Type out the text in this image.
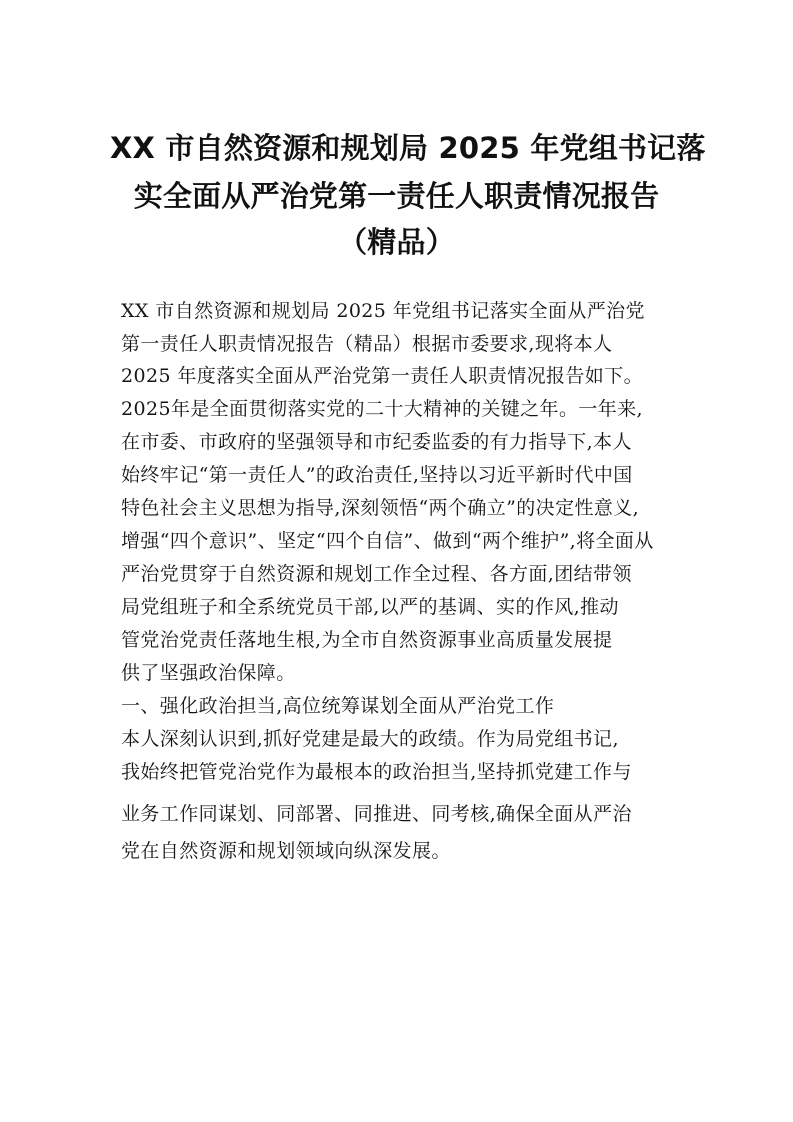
XX 市自然资源和规划局 2025 年党组书记落
实全面从严治党第一责任人职责情况报告
（精品）

XX 市自然资源和规划局 2025 年党组书记落实全面从严治党

第一责任人职责情况报告（精品）根据市委要求,现将本人

2025 年度落实全面从严治党第一责任人职责情况报告如下。

2025年是全面贯彻落实党的二十大精神的关键之年。一年来,

在市委、市政府的坚强领导和市纪委监委的有力指导下,本人

始终牢记“第一责任人”的政治责任,坚持以习近平新时代中国

特色社会主义思想为指导,深刻领悟“两个确立”的决定性意义,

增强“四个意识”、坚定“四个自信”、做到“两个维护”,将全面从

严治党贯穿于自然资源和规划工作全过程、各方面,团结带领

局党组班子和全系统党员干部,以严的基调、实的作风,推动

管党治党责任落地生根,为全市自然资源事业高质量发展提

供了坚强政治保障。

一、强化政治担当,高位统筹谋划全面从严治党工作

本人深刻认识到,抓好党建是最大的政绩。作为局党组书记,

我始终把管党治党作为最根本的政治担当,坚持抓党建工作与

业务工作同谋划、同部署、同推进、同考核,确保全面从严治

党在自然资源和规划领域向纵深发展。
